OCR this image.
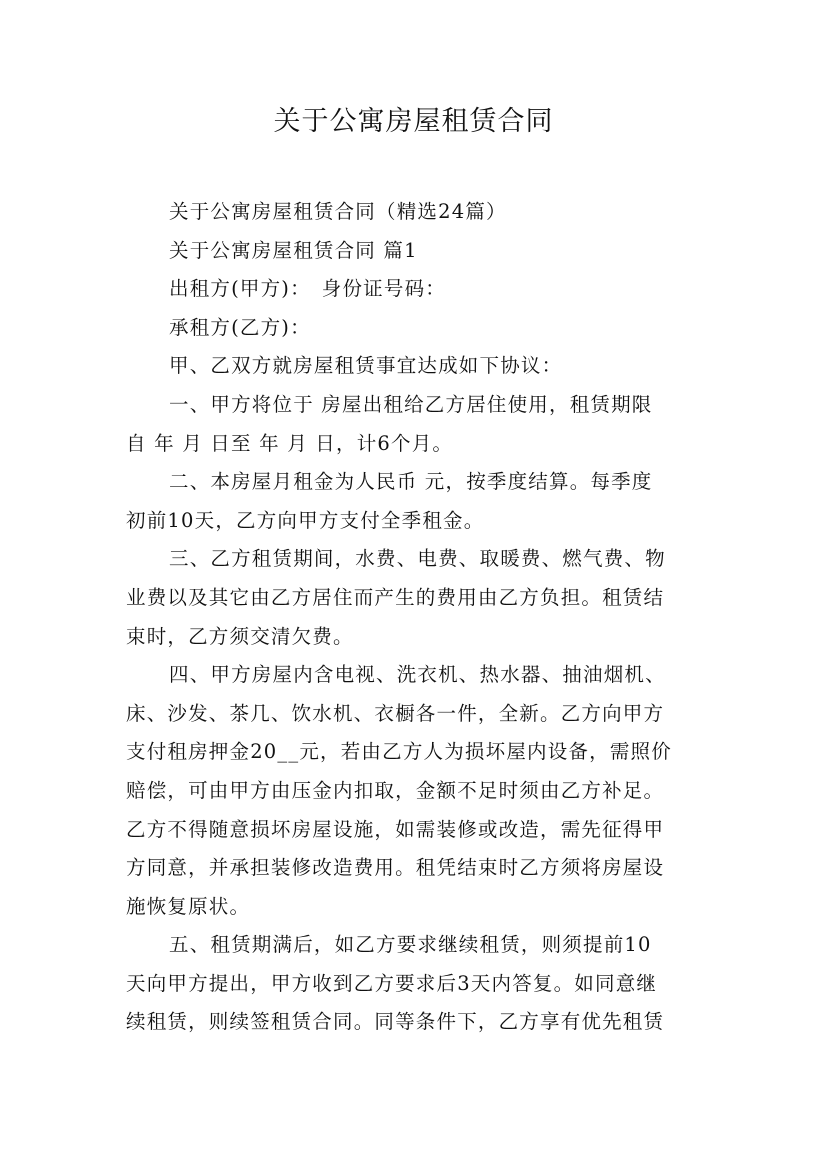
关于公寓房屋租赁合同
关于公寓房屋租赁合同（精选24篇）
关于公寓房屋租赁合同 篇1
出租方(甲方)：　身份证号码：
承租方(乙方)：
甲、乙双方就房屋租赁事宜达成如下协议：
一、甲方将位于 房屋出租给乙方居住使用，租赁期限
自 年 月 日至 年 月 日，计6个月。
二、本房屋月租金为人民币 元，按季度结算。每季度
初前10天，乙方向甲方支付全季租金。
三、乙方租赁期间，水费、电费、取暖费、燃气费、物
业费以及其它由乙方居住而产生的费用由乙方负担。租赁结
束时，乙方须交清欠费。
四、甲方房屋内含电视、洗衣机、热水器、抽油烟机、
床、沙发、茶几、饮水机、衣橱各一件，全新。乙方向甲方
支付租房押金20__元，若由乙方人为损坏屋内设备，需照价
赔偿，可由甲方由压金内扣取，金额不足时须由乙方补足。
乙方不得随意损坏房屋设施，如需装修或改造，需先征得甲
方同意，并承担装修改造费用。租凭结束时乙方须将房屋设
施恢复原状。
五、租赁期满后，如乙方要求继续租赁，则须提前10
天向甲方提出，甲方收到乙方要求后3天内答复。如同意继
续租赁，则续签租赁合同。同等条件下，乙方享有优先租赁
